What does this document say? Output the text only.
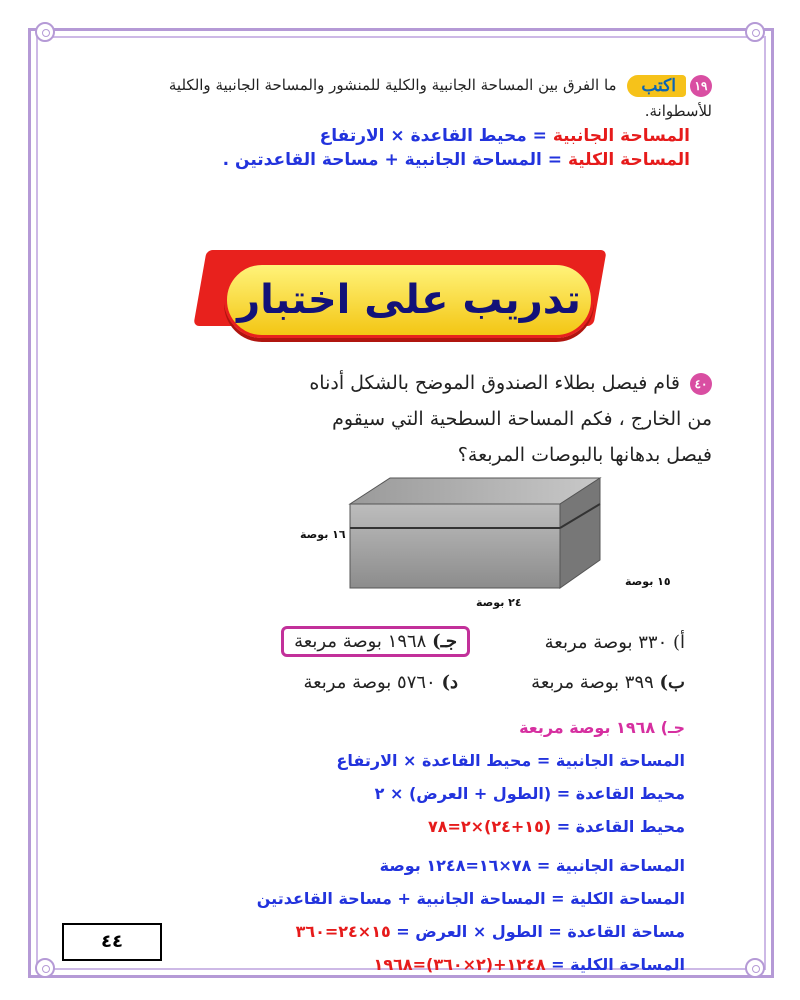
١٩اكتب ما الفرق بين المساحة الجانبية والكلية للمنشور والمساحة الجانبية والكلية
للأسطوانة.
المساحة الجانبية = محيط القاعدة × الارتفاع
المساحة الكلية = المساحة الجانبية + مساحة القاعدتين .
تدريب على اختبار
٤٠ قام فيصل بطلاء الصندوق الموضح بالشكل أدناه
من الخارج ، فكم المساحة السطحية التي سيقوم
فيصل بدهانها بالبوصات المربعة؟
١٦ بوصة
٢٤ بوصة
١٥ بوصة
أ) ٣٣٠ بوصة مربعة
جـ) ١٩٦٨ بوصة مربعة
ب) ٣٩٩ بوصة مربعة
د) ٥٧٦٠ بوصة مربعة
جـ) ١٩٦٨ بوصة مربعة
المساحة الجانبية = محيط القاعدة × الارتفاع
محيط القاعدة = (الطول + العرض) × ٢
محيط القاعدة = (١٥+٢٤)×٢=٧٨
المساحة الجانبية = ٧٨×١٦=١٢٤٨ بوصة
المساحة الكلية = المساحة الجانبية + مساحة القاعدتين
مساحة القاعدة = الطول × العرض = ١٥×٢٤=٣٦٠
المساحة الكلية = ١٢٤٨+(٢×٣٦٠)=١٩٦٨
٤٤
